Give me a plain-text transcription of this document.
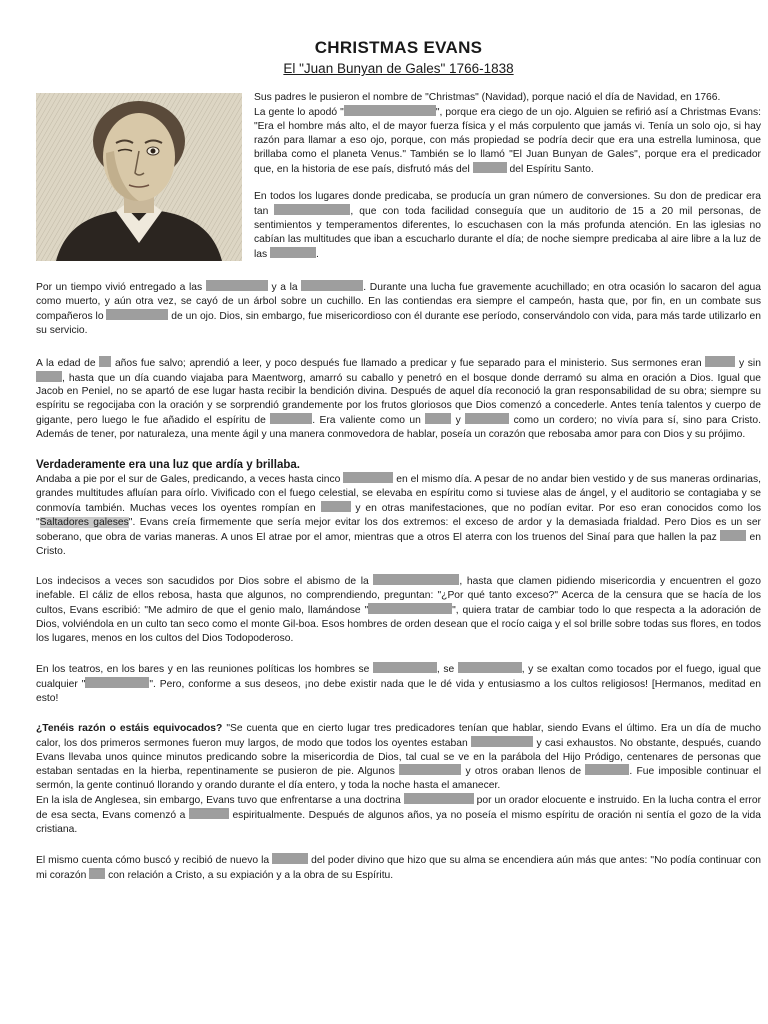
CHRISTMAS EVANS
El "Juan Bunyan de Gales" 1766-1838

Sus padres le pusieron el nombre de "Christmas" (Navidad), porque nació el día de Navidad, en 1766.

La gente lo apodó "	", porque era ciego de un ojo. Alguien se refirió así a Christmas Evans: "Era el hombre más alto, el de mayor fuerza física y el más corpulento que jamás vi. Tenía un solo ojo, si hay razón para llamar a eso ojo, porque, con más propiedad se podría decir que era una estrella luminosa, que brillaba como el planeta Venus." También se lo llamó "El Juan Bunyan de Gales", porque era el predicador que, en la historia de ese país, disfrutó más del	del Espíritu Santo.

En todos los lugares donde predicaba, se producía un gran número de conversiones. Su don de predicar era tan	, que con toda facilidad conseguía que un auditorio de 15 a 20 mil personas, de sentimientos y temperamentos diferentes, lo escuchasen con la más profunda atención. En las iglesias no cabían las multitudes que iban a escucharlo durante el día; de noche siempre predicaba al aire libre a la luz de las	.

Por un tiempo vivió entregado a las	y a la	. Durante una lucha fue gravemente acuchillado; en otra ocasión lo sacaron del agua como muerto, y aún otra vez, se cayó de un árbol sobre un cuchillo. En las contiendas era siempre el campeón, hasta que, por fin, en un combate sus compañeros lo	de un ojo. Dios, sin embargo, fue misericordioso con él durante ese período, conservándolo con vida, para más tarde utilizarlo en su servicio.

A la edad de años fue salvo; aprendió a leer, y poco después fue llamado a predicar y fue separado para el ministerio. Sus sermones eran	y sin , hasta que un día cuando viajaba para Maentworg, amarró su caballo y penetró en el bosque donde derramó su alma en oración a Dios. Igual que Jacob en Peniel, no se apartó de ese lugar hasta recibir la bendición divina. Después de aquel día reconoció la gran responsabilidad de su obra; siempre su espíritu se regocijaba con la oración y se sorprendió grandemente por los frutos gloriosos que Dios comenzó a concederle. Antes tenía talentos y cuerpo de gigante, pero luego le fue añadido el espíritu de	. Era valiente como un	y	como un cordero; no vivía para sí, sino para Cristo. Además de tener, por naturaleza, una mente ágil y una manera conmovedora de hablar, poseía un corazón que rebosaba amor para con Dios y su prójimo.

Verdaderamente era una luz que ardía y brillaba.

Andaba a pie por el sur de Gales, predicando, a veces hasta cinco	en el mismo día. A pesar de no andar bien vestido y de sus maneras ordinarias, grandes multitudes afluían para oírlo. Vivificado con el fuego celestial, se elevaba en espíritu como si tuviese alas de ángel, y el auditorio se contagiaba y se conmovía también. Muchas veces los oyentes rompían en	y en otras manifestaciones, que no podían evitar. Por eso eran conocidos como los "Saltadores galeses". Evans creía firmemente que sería mejor evitar los dos extremos: el exceso de ardor y la demasiada frialdad. Pero Dios es un ser soberano, que obra de varias maneras. A unos El atrae por el amor, mientras que a otros El aterra con los truenos del Sinaí para que hallen la paz	en Cristo.

Los indecisos a veces son sacudidos por Dios sobre el abismo de la	, hasta que clamen pidiendo misericordia y encuentren el gozo inefable. El cáliz de ellos rebosa, hasta que algunos, no comprendiendo, preguntan: "¿Por qué tanto exceso?" Acerca de la censura que se hacía de los cultos, Evans escribió: "Me admiro de que el genio malo, llamándose "	", quiera tratar de cambiar todo lo que respecta a la adoración de Dios, volviéndola en un culto tan seco como el monte Gil-boa. Esos hombres de orden desean que el rocío caiga y el sol brille sobre todas sus flores, en todos los lugares, menos en los cultos del Dios Todopoderoso.

En los teatros, en los bares y en las reuniones políticas los hombres se	, se	, y se exaltan como tocados por el fuego, igual que cualquier "	". Pero, conforme a sus deseos, ¡no debe existir nada que le dé vida y entusiasmo a los cultos religiosos! [Hermanos, meditad en esto!

¿Tenéis razón o estáis equivocados? "Se cuenta que en cierto lugar tres predicadores tenían que hablar, siendo Evans el último. Era un día de mucho calor, los dos primeros sermones fueron muy largos, de modo que todos los oyentes estaban	y casi exhaustos. No obstante, después, cuando Evans llevaba unos quince minutos predicando sobre la misericordia de Dios, tal cual se ve en la parábola del Hijo Pródigo, centenares de personas que estaban sentadas en la hierba, repentinamente se pusieron de pie. Algunos	y otros oraban llenos de	. Fue imposible continuar el sermón, la gente continuó llorando y orando durante el día entero, y toda la noche hasta el amanecer.

En la isla de Anglesea, sin embargo, Evans tuvo que enfrentarse a una doctrina	por un orador elocuente e instruido. En la lucha contra el error de esa secta, Evans comenzó a	espiritualmente. Después de algunos años, ya no poseía el mismo espíritu de oración ni sentía el gozo de la vida cristiana.

El mismo cuenta cómo buscó y recibió de nuevo la	del poder divino que hizo que su alma se encendiera aún más que antes: "No podía continuar con mi corazón con relación a Cristo, a su expiación y a la obra de su Espíritu.
